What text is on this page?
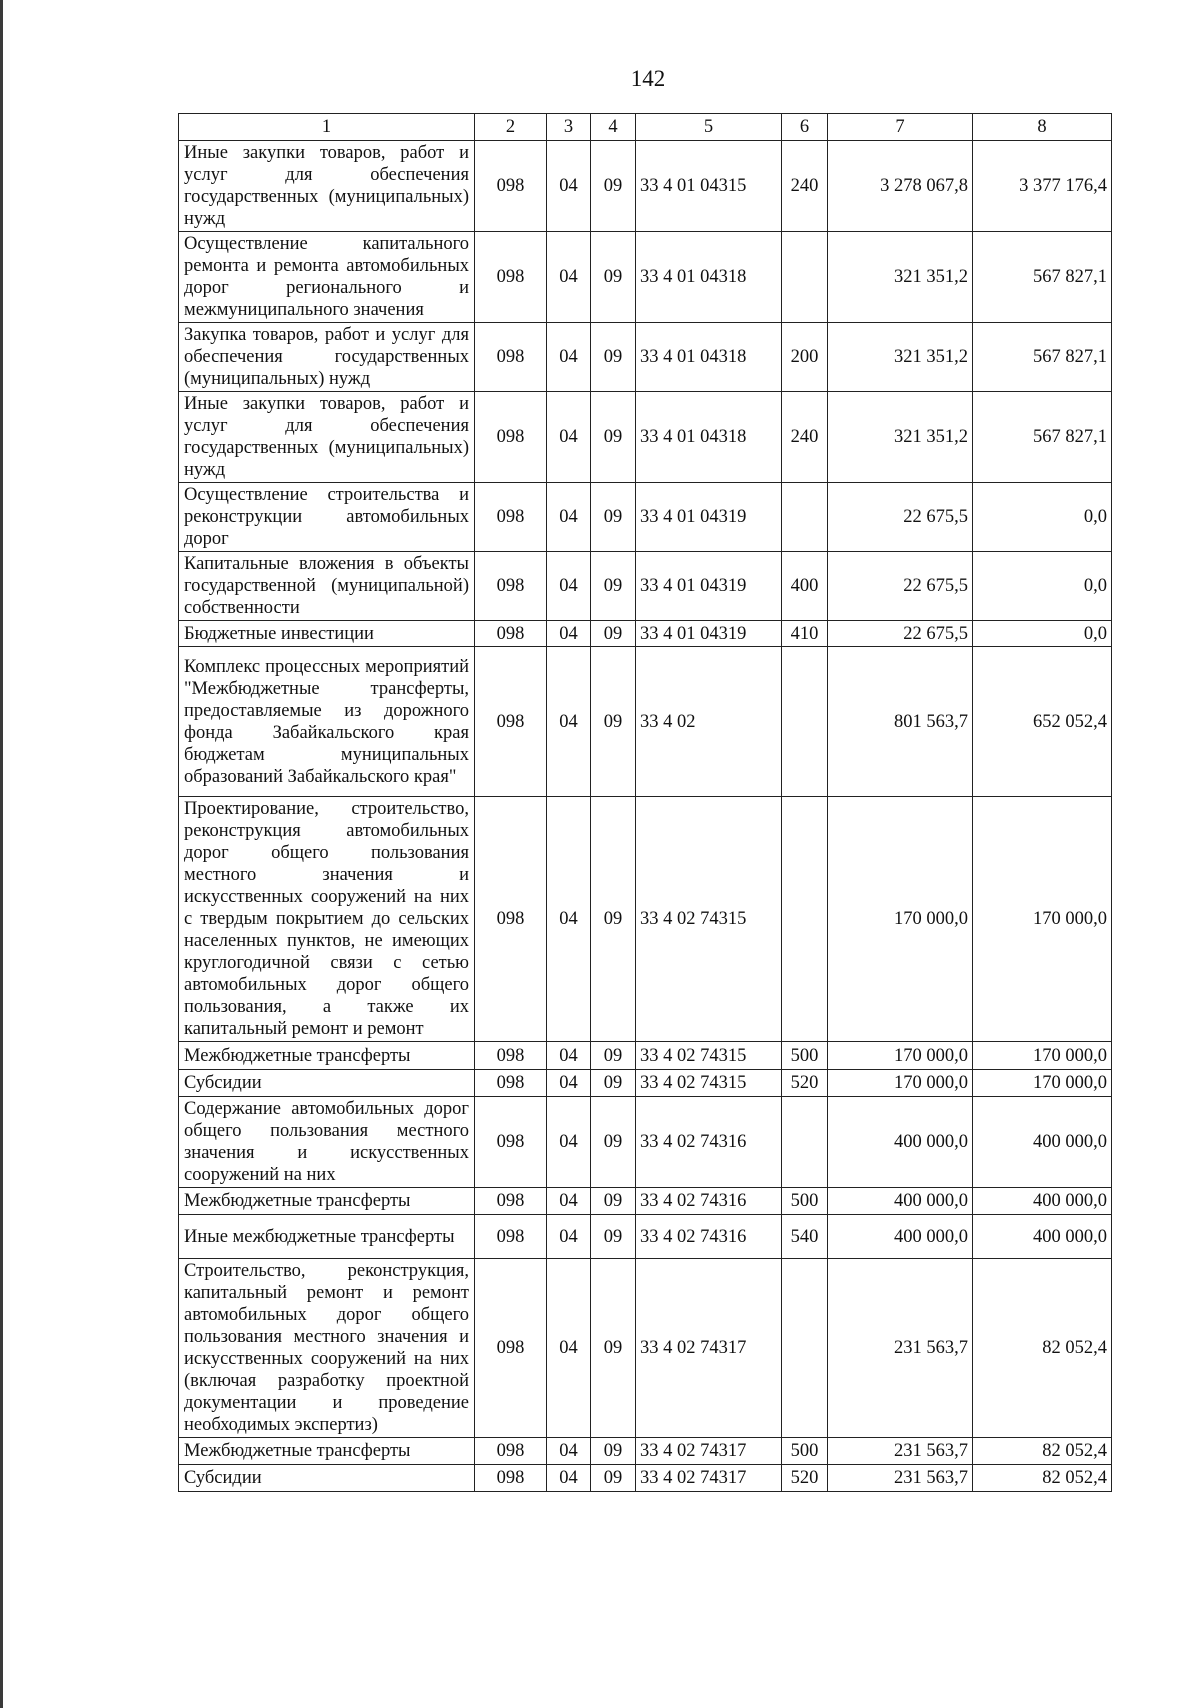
142
1	2	3	4	5	6	7	8
Иные закупки товаров, работ и услуг для обеспечения государственных (муниципальных) нужд	098	04	09	33 4 01 04315	240	3 278 067,8	3 377 176,4
Осуществление капитального ремонта и ремонта автомобильных дорог регионального и межмуниципального значения	098	04	09	33 4 01 04318		321 351,2	567 827,1
Закупка товаров, работ и услуг для обеспечения государственных (муниципальных) нужд	098	04	09	33 4 01 04318	200	321 351,2	567 827,1
Иные закупки товаров, работ и услуг для обеспечения государственных (муниципальных) нужд	098	04	09	33 4 01 04318	240	321 351,2	567 827,1
Осуществление строительства и реконструкции автомобильных дорог	098	04	09	33 4 01 04319		22 675,5	0,0
Капитальные вложения в объекты государственной (муниципальной) собственности	098	04	09	33 4 01 04319	400	22 675,5	0,0
Бюджетные инвестиции	098	04	09	33 4 01 04319	410	22 675,5	0,0
Комплекс процессных мероприятий "Межбюджетные трансферты, предоставляемые из дорожного фонда Забайкальского края бюджетам муниципальных образований Забайкальского края"	098	04	09	33 4 02		801 563,7	652 052,4
Проектирование, строительство, реконструкция автомобильных дорог общего пользования местного значения и искусственных сооружений на них с твердым покрытием до сельских населенных пунктов, не имеющих круглогодичной связи с сетью автомобильных дорог общего пользования, а также их капитальный ремонт и ремонт	098	04	09	33 4 02 74315		170 000,0	170 000,0
Межбюджетные трансферты	098	04	09	33 4 02 74315	500	170 000,0	170 000,0
Субсидии	098	04	09	33 4 02 74315	520	170 000,0	170 000,0
Содержание автомобильных дорог общего пользования местного значения и искусственных сооружений на них	098	04	09	33 4 02 74316		400 000,0	400 000,0
Межбюджетные трансферты	098	04	09	33 4 02 74316	500	400 000,0	400 000,0
Иные межбюджетные трансферты	098	04	09	33 4 02 74316	540	400 000,0	400 000,0
Строительство, реконструкция, капитальный ремонт и ремонт автомобильных дорог общего пользования местного значения и искусственных сооружений на них (включая разработку проектной документации и проведение необходимых экспертиз)	098	04	09	33 4 02 74317		231 563,7	82 052,4
Межбюджетные трансферты	098	04	09	33 4 02 74317	500	231 563,7	82 052,4
Субсидии	098	04	09	33 4 02 74317	520	231 563,7	82 052,4
